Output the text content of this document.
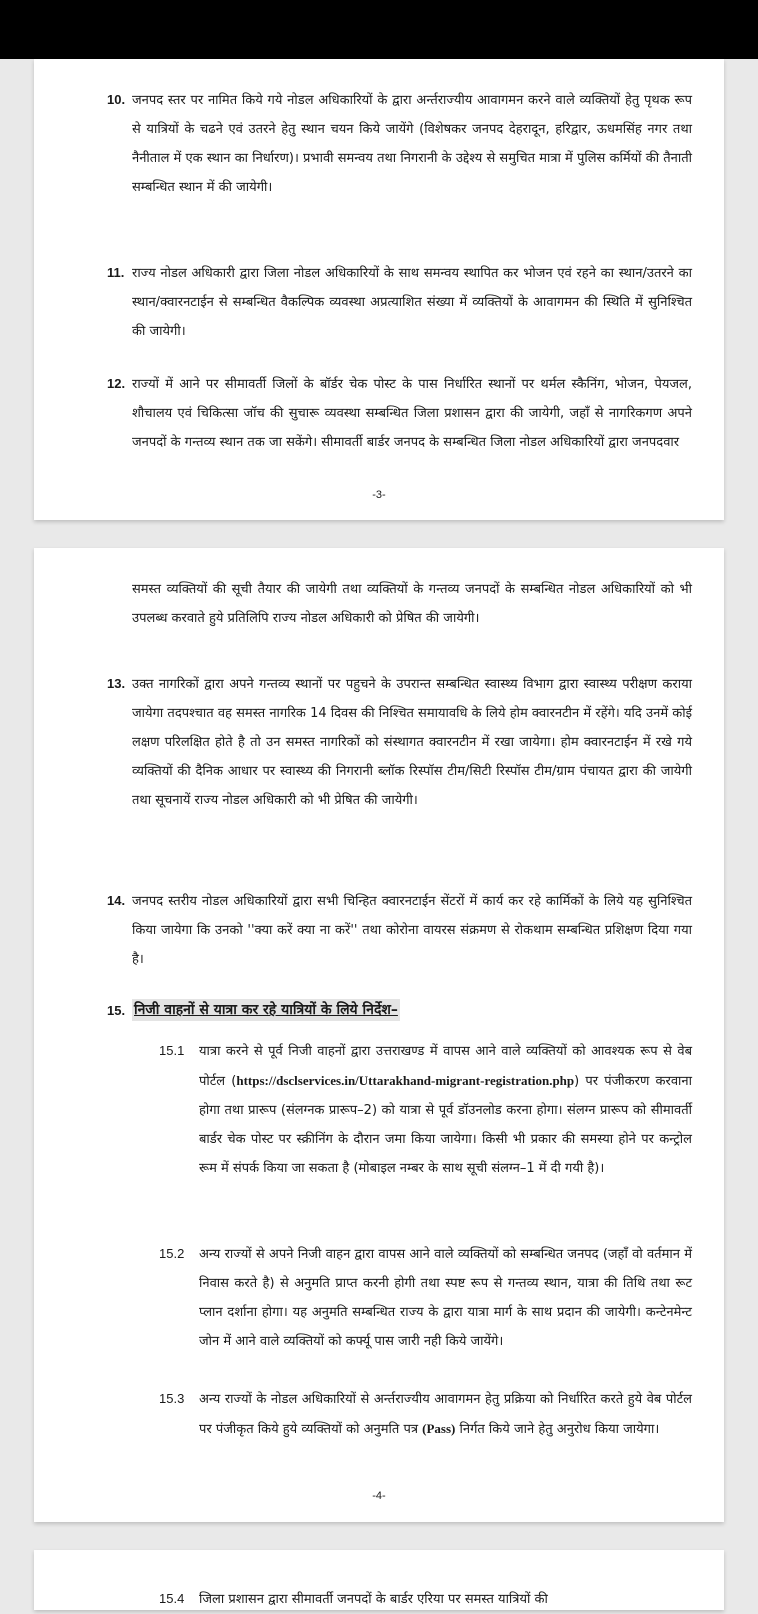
10. जनपद स्तर पर नामित किये गये नोडल अधिकारियों के द्वारा अर्न्तराज्यीय आवागमन करने वाले व्यक्तियों हेतु पृथक रूप से यात्रियों के चढने एवं उतरने हेतु स्थान चयन किये जायेंगे (विशेषकर जनपद देहरादून, हरिद्वार, ऊधमसिंह नगर तथा नैनीताल में एक स्थान का निर्धारण)। प्रभावी समन्वय तथा निगरानी के उद्देश्य से समुचित मात्रा में पुलिस कर्मियों की तैनाती सम्बन्धित स्थान में की जायेगी।
11. राज्य नोडल अधिकारी द्वारा जिला नोडल अधिकारियों के साथ समन्वय स्थापित कर भोजन एवं रहने का स्थान/उतरने का स्थान/क्वारनटाईन से सम्बन्धित वैकल्पिक व्यवस्था अप्रत्याशित संख्या में व्यक्तियों के आवागमन की स्थिति में सुनिश्चित की जायेगी।
12. राज्यों में आने पर सीमावर्ती जिलों के बॉर्डर चेक पोस्ट के पास निर्धारित स्थानों पर थर्मल स्कैनिंग, भोजन, पेयजल, शौचालय एवं चिकित्सा जॉच की सुचारू व्यवस्था सम्बन्धित जिला प्रशासन द्वारा की जायेगी, जहॉं से नागरिकगण अपने जनपदों के गन्तव्य स्थान तक जा सकेंगे। सीमावर्ती बार्डर जनपद के सम्बन्धित जिला नोडल अधिकारियों द्वारा जनपदवार
-3-
समस्त व्यक्तियों की सूची तैयार की जायेगी तथा व्यक्तियों के गन्तव्य जनपदों के सम्बन्धित नोडल अधिकारियों को भी उपलब्ध करवाते हुये प्रतिलिपि राज्य नोडल अधिकारी को प्रेषित की जायेगी।
13. उक्त नागरिकों द्वारा अपने गन्तव्य स्थानों पर पहुचने के उपरान्त सम्बन्धित स्वास्थ्य विभाग द्वारा स्वास्थ्य परीक्षण कराया जायेगा तदपश्चात वह समस्त नागरिक 14 दिवस की निश्चित समायावधि के लिये होम क्वारनटीन में रहेंगे। यदि उनमें कोई लक्षण परिलक्षित होते है तो उन समस्त नागरिकों को संस्थागत क्वारनटीन में रखा जायेगा। होम क्वारनटाईन में रखे गये व्यक्तियों की दैनिक आधार पर स्वास्थ्य की निगरानी ब्लॉक रिस्पॉस टीम/सिटी रिस्पॉस टीम/ग्राम पंचायत द्वारा की जायेगी तथा सूचनायें राज्य नोडल अधिकारी को भी प्रेषित की जायेगी।
14. जनपद स्तरीय नोडल अधिकारियों द्वारा सभी चिन्हित क्वारनटाईन सेंटरों में कार्य कर रहे कार्मिकों के लिये यह सुनिश्चित किया जायेगा कि उनको ''क्या करें क्या ना करें'' तथा कोरोना वायरस संक्रमण से रोकथाम सम्बन्धित प्रशिक्षण दिया गया है।
15. निजी वाहनों से यात्रा कर रहे यात्रियों के लिये निर्देश–
15.1 यात्रा करने से पूर्व निजी वाहनों द्वारा उत्तराखण्ड में वापस आने वाले व्यक्तियों को आवश्यक रूप से वेब पोर्टल (https://dsclservices.in/Uttarakhand-migrant-registration.php) पर पंजीकरण करवाना होगा तथा प्रारूप (संलग्नक प्रारूप–2) को यात्रा से पूर्व डॉउनलोड करना होगा। संलग्न प्रारूप को सीमावर्ती बार्डर चेक पोस्ट पर स्क्रीनिंग के दौरान जमा किया जायेगा। किसी भी प्रकार की समस्या होने पर कन्ट्रोल रूम में संपर्क किया जा सकता है (मोबाइल नम्बर के साथ सूची संलग्न–1 में दी गयी है)।
15.2 अन्य राज्यों से अपने निजी वाहन द्वारा वापस आने वाले व्यक्तियों को सम्बन्धित जनपद (जहॉं वो वर्तमान में निवास करते है) से अनुमति प्राप्त करनी होगी तथा स्पष्ट रूप से गन्तव्य स्थान, यात्रा की तिथि तथा रूट प्लान दर्शाना होगा। यह अनुमति सम्बन्धित राज्य के द्वारा यात्रा मार्ग के साथ प्रदान की जायेगी। कन्टेनमेन्ट जोन में आने वाले व्यक्तियों को कर्फ्यू पास जारी नही किये जायेंगे।
15.3 अन्य राज्यों के नोडल अधिकारियों से अर्न्तराज्यीय आवागमन हेतु प्रक्रिया को निर्धारित करते हुये वेब पोर्टल पर पंजीकृत किये हुये व्यक्तियों को अनुमति पत्र (Pass) निर्गत किये जाने हेतु अनुरोध किया जायेगा।
-4-
15.4 जिला प्रशासन द्वारा सीमावर्ती जनपदों के बार्डर एरिया पर समस्त यात्रियों की
